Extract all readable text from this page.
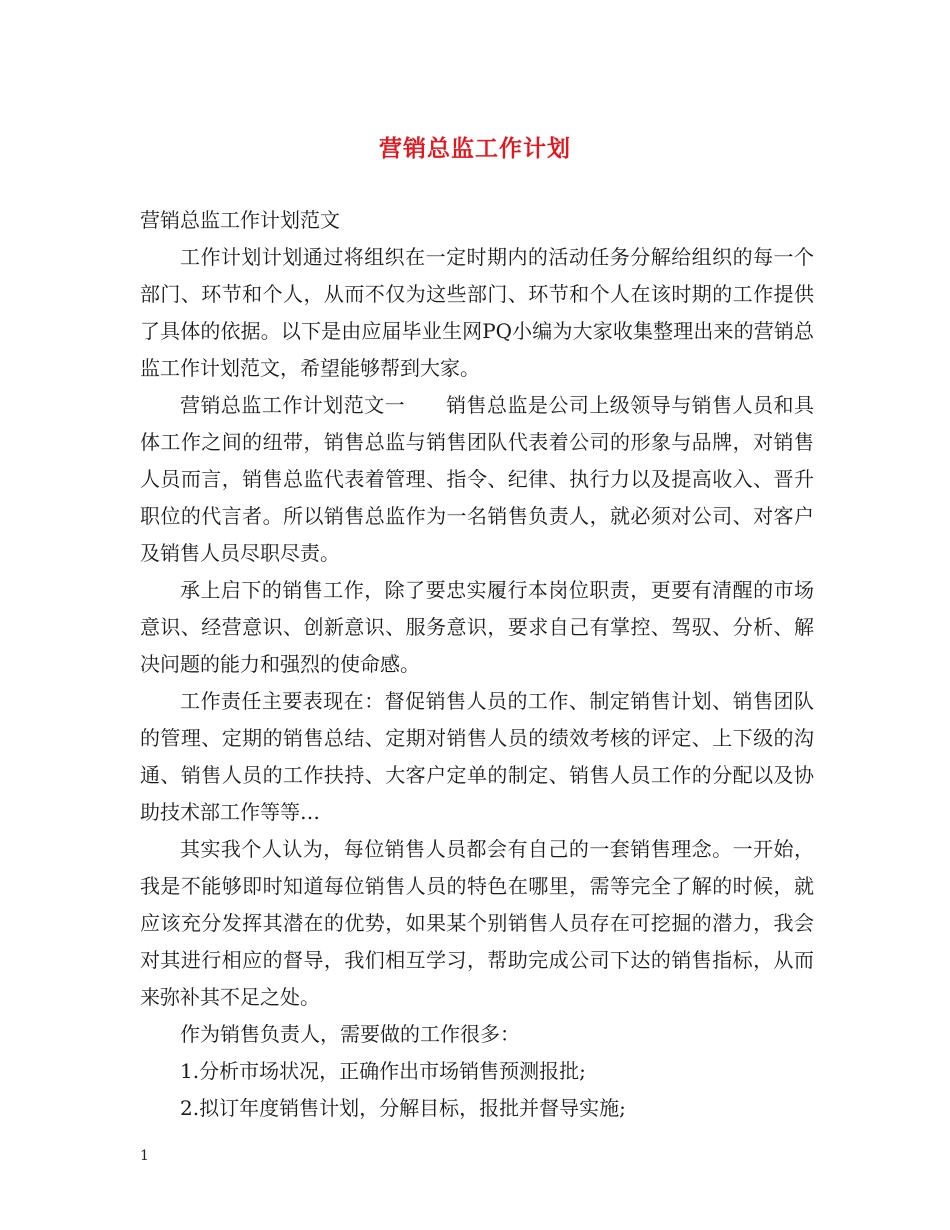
营销总监工作计划

营销总监工作计划范文

工作计划计划通过将组织在一定时期内的活动任务分解给组织的每一个部门、环节和个人，从而不仅为这些部门、环节和个人在该时期的工作提供了具体的依据。以下是由应届毕业生网PQ小编为大家收集整理出来的营销总监工作计划范文，希望能够帮到大家。

营销总监工作计划范文一　　销售总监是公司上级领导与销售人员和具体工作之间的纽带，销售总监与销售团队代表着公司的形象与品牌，对销售人员而言，销售总监代表着管理、指令、纪律、执行力以及提高收入、晋升职位的代言者。所以销售总监作为一名销售负责人，就必须对公司、对客户及销售人员尽职尽责。

承上启下的销售工作，除了要忠实履行本岗位职责，更要有清醒的市场意识、经营意识、创新意识、服务意识，要求自己有掌控、驾驭、分析、解决问题的能力和强烈的使命感。

工作责任主要表现在：督促销售人员的工作、制定销售计划、销售团队的管理、定期的销售总结、定期对销售人员的绩效考核的评定、上下级的沟通、销售人员的工作扶持、大客户定单的制定、销售人员工作的分配以及协助技术部工作等等…

其实我个人认为，每位销售人员都会有自己的一套销售理念。一开始，我是不能够即时知道每位销售人员的特色在哪里，需等完全了解的时候，就应该充分发挥其潜在的优势，如果某个别销售人员存在可挖掘的潜力，我会对其进行相应的督导，我们相互学习，帮助完成公司下达的销售指标，从而来弥补其不足之处。

作为销售负责人，需要做的工作很多：

1.分析市场状况，正确作出市场销售预测报批;

2.拟订年度销售计划，分解目标，报批并督导实施;

1
